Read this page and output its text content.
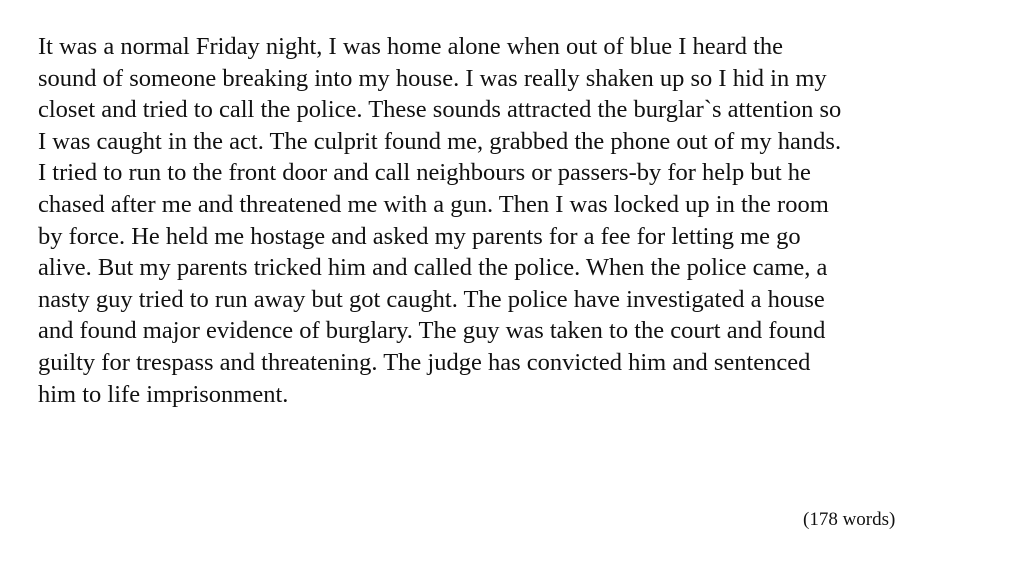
It was a normal Friday night, I was home alone when out of blue I heard the
sound of someone breaking into my house. I was really shaken up so I hid in my
closet and tried to call the police. These sounds attracted the burglar`s attention so
I was caught in the act. The culprit found me, grabbed the phone out of my hands.
I tried to run to the front door and call neighbours or passers-by for help but he
chased after me and threatened me with a gun. Then I was locked up in the room
by force. He held me hostage and asked my parents for a fee for letting me go
alive. But my parents tricked him and called the police. When the police came, a
nasty guy tried to run away but got caught. The police have investigated a house
and found major evidence of burglary. The guy was taken to the court and found
guilty for trespass and threatening. The judge has convicted him and sentenced
him to life imprisonment.
(178 words)
